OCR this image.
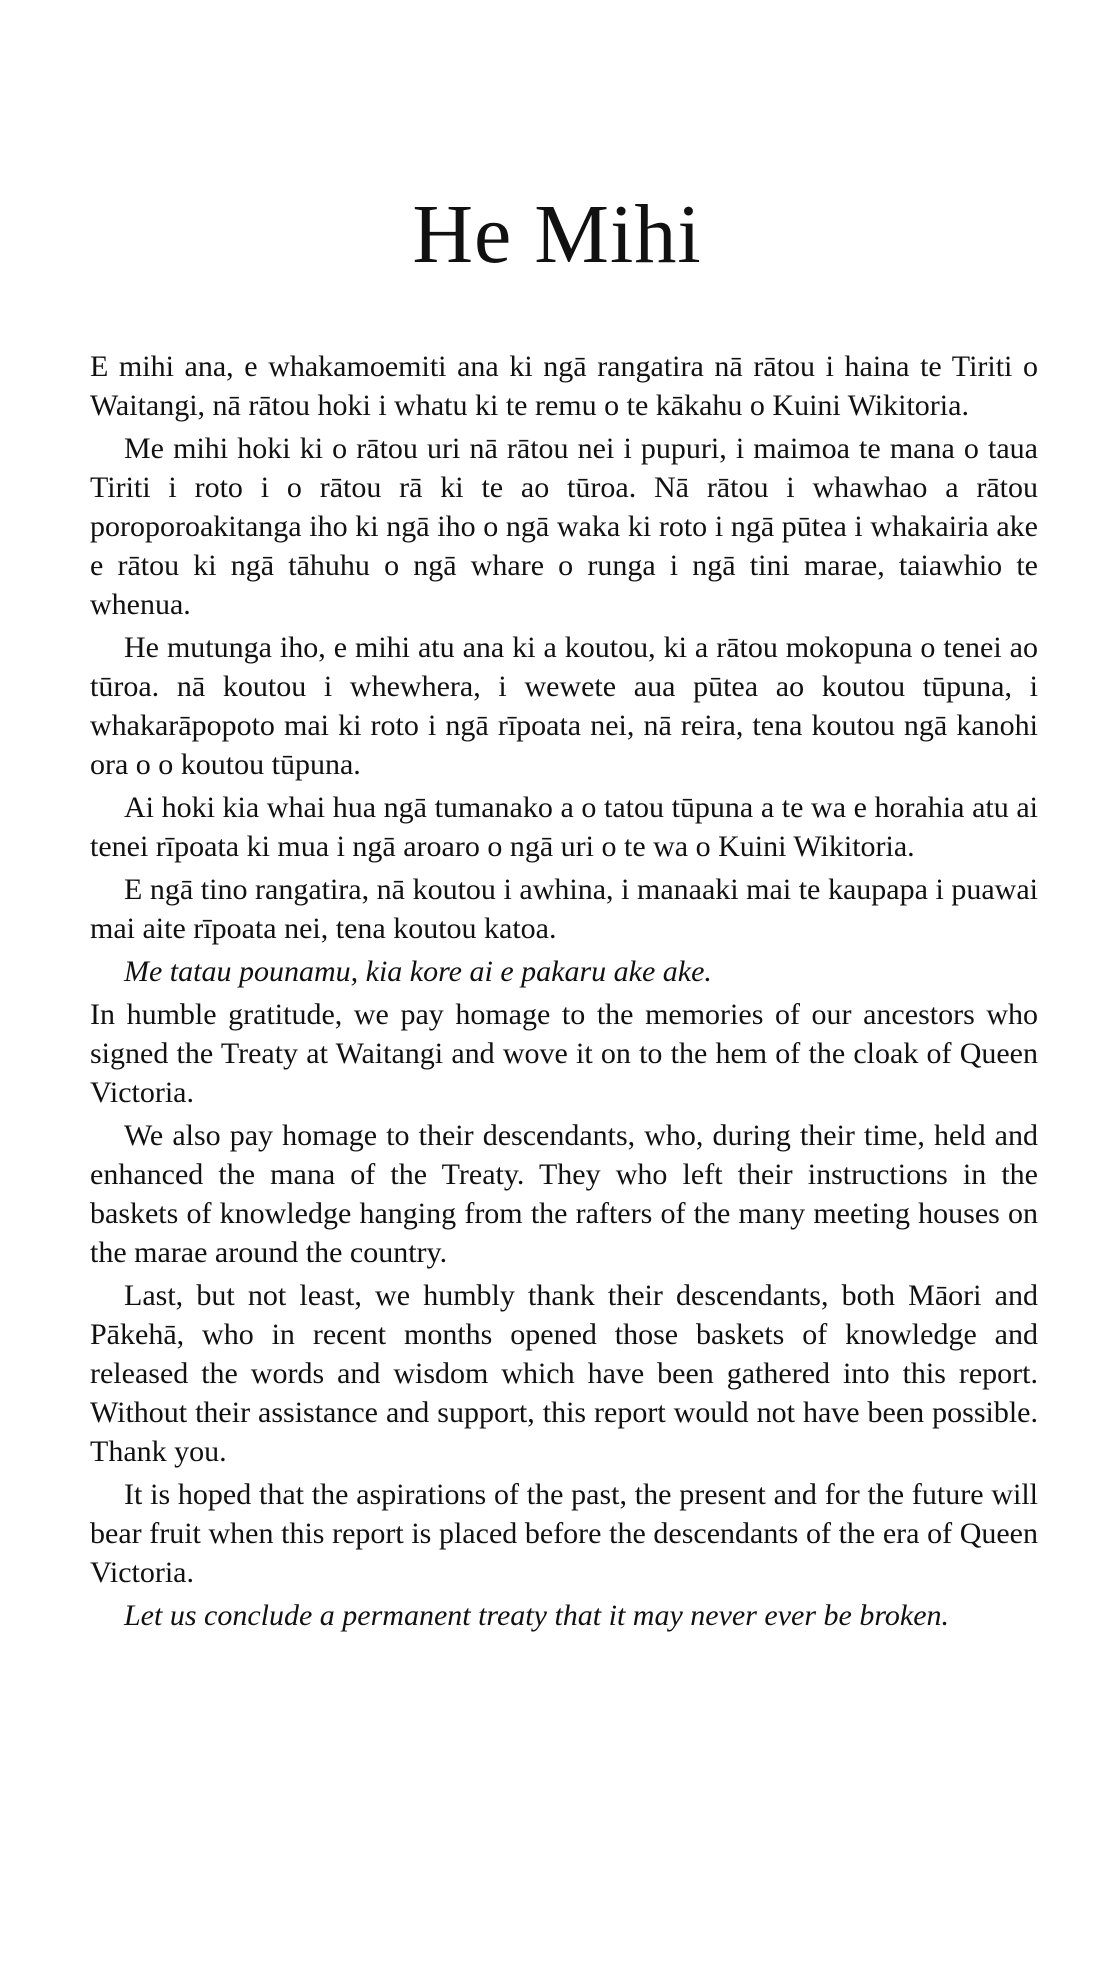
He Mihi

E mihi ana, e whakamoemiti ana ki ngā rangatira nā rātou i haina te Tiriti o Waitangi, nā rātou hoki i whatu ki te remu o te kākahu o Kuini Wikitoria.

Me mihi hoki ki o rātou uri nā rātou nei i pupuri, i maimoa te mana o taua Tiriti i roto i o rātou rā ki te ao tūroa. Nā rātou i whawhao a rātou poroporoakitanga iho ki ngā iho o ngā waka ki roto i ngā pūtea i whakairia ake e rātou ki ngā tāhuhu o ngā whare o runga i ngā tini marae, taiawhio te whenua.

He mutunga iho, e mihi atu ana ki a koutou, ki a rātou mokopuna o tenei ao tūroa. nā koutou i whewhera, i wewete aua pūtea ao koutou tūpuna, i whakarāpopoto mai ki roto i ngā rīpoata nei, nā reira, tena koutou ngā kanohi ora o o koutou tūpuna.

Ai hoki kia whai hua ngā tumanako a o tatou tūpuna a te wa e horahia atu ai tenei rīpoata ki mua i ngā aroaro o ngā uri o te wa o Kuini Wikitoria.

E ngā tino rangatira, nā koutou i awhina, i manaaki mai te kaupapa i puawai mai aite rīpoata nei, tena koutou katoa.

Me tatau pounamu, kia kore ai e pakaru ake ake.

In humble gratitude, we pay homage to the memories of our ancestors who signed the Treaty at Waitangi and wove it on to the hem of the cloak of Queen Victoria.

We also pay homage to their descendants, who, during their time, held and enhanced the mana of the Treaty. They who left their instructions in the baskets of knowledge hanging from the rafters of the many meeting houses on the marae around the country.

Last, but not least, we humbly thank their descendants, both Māori and Pākehā, who in recent months opened those baskets of knowledge and released the words and wisdom which have been gathered into this report. Without their assistance and support, this report would not have been possible. Thank you.

It is hoped that the aspirations of the past, the present and for the future will bear fruit when this report is placed before the descendants of the era of Queen Victoria.

Let us conclude a permanent treaty that it may never ever be broken.
